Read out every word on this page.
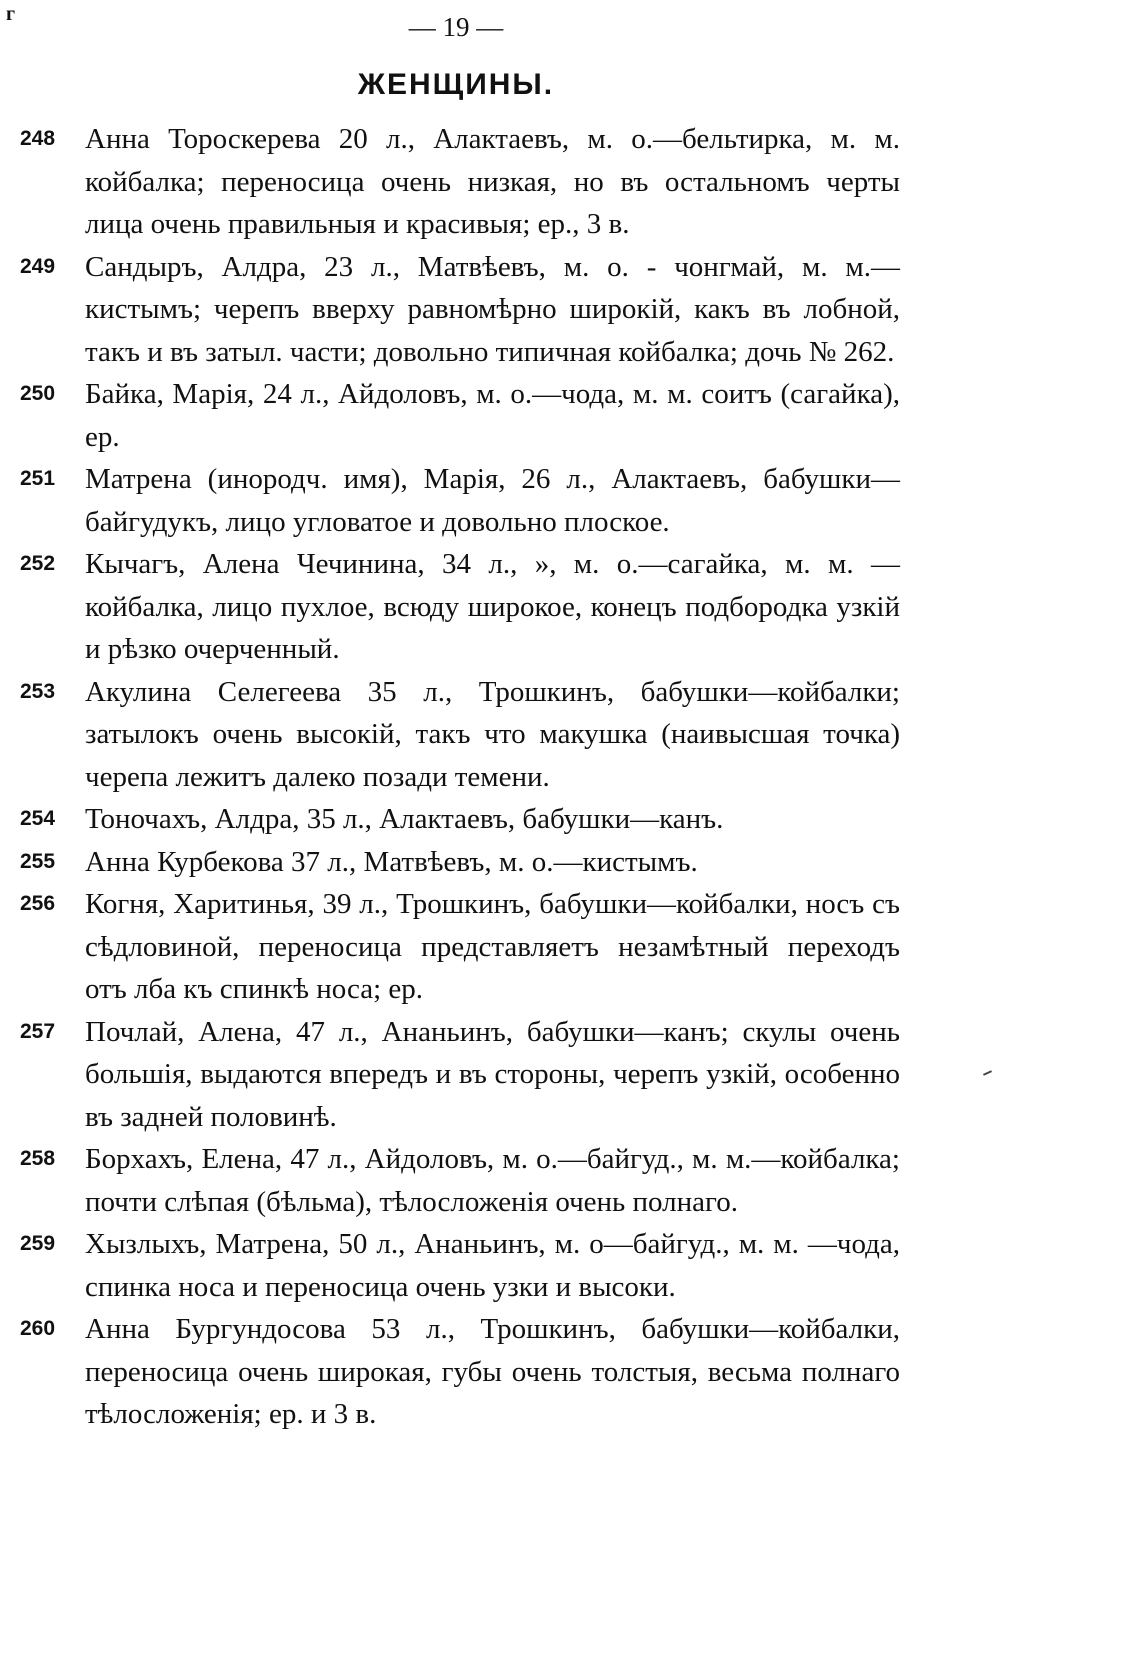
г	— 19 —
ЖЕНЩИНЫ.
248	Анна Тороскерева 20 л., Алактаевъ, м. о.—бельтирка, м. м. койбалка; переносица очень низкая, но въ остальномъ черты лица очень правильныя и красивыя; ер., 3 в.
249	Сандыръ, Алдра, 23 л., Матвѣевъ, м. о. - чонгмай, м. м.— кистымъ; черепъ вверху равномѣрно широкій, какъ въ лобной, такъ и въ затыл. части; довольно типичная койбалка; дочь № 262.
250	Байка, Марія, 24 л., Айдоловъ, м. о.—чода, м. м. соитъ (сагайка), ер.
251	Матрена (инородч. имя), Марія, 26 л., Алактаевъ, бабушки—байгудукъ, лицо угловатое и довольно плоское.
252	Кычагъ, Алена Чечинина, 34 л., », м. о.—сагайка, м. м. —койбалка, лицо пухлое, всюду широкое, конецъ подбородка узкій и рѣзко очерченный.
253	Акулина Селегеева 35 л., Трошкинъ, бабушки—койбалки; затылокъ очень высокій, такъ что макушка (наивысшая точка) черепа лежитъ далеко позади темени.
254	Тоночахъ, Алдра, 35 л., Алактаевъ, бабушки—канъ.
255	Анна Курбекова 37 л., Матвѣевъ, м. о.—кистымъ.
256	Когня, Харитинья, 39 л., Трошкинъ, бабушки—койбалки, носъ съ сѣдловиной, переносица представляетъ незамѣтный переходъ отъ лба къ спинкѣ носа; ер.
257	Почлай, Алена, 47 л., Ананьинъ, бабушки—канъ; скулы очень большія, выдаются впередъ и въ стороны, черепъ узкій, особенно въ задней половинѣ.
258	Борхахъ, Елена, 47 л., Айдоловъ, м. о.—байгуд., м. м.—койбалка; почти слѣпая (бѣльма), тѣлосложенія очень полнаго.
259	Хызлыхъ, Матрена, 50 л., Ананьинъ, м. о—байгуд., м. м. —чода, спинка носа и переносица очень узки и высоки.
260	Анна Бургундосова 53 л., Трошкинъ, бабушки—койбалки, переносица очень широкая, губы очень толстыя, весьма полнаго тѣлосложенія; ер. и 3 в.
